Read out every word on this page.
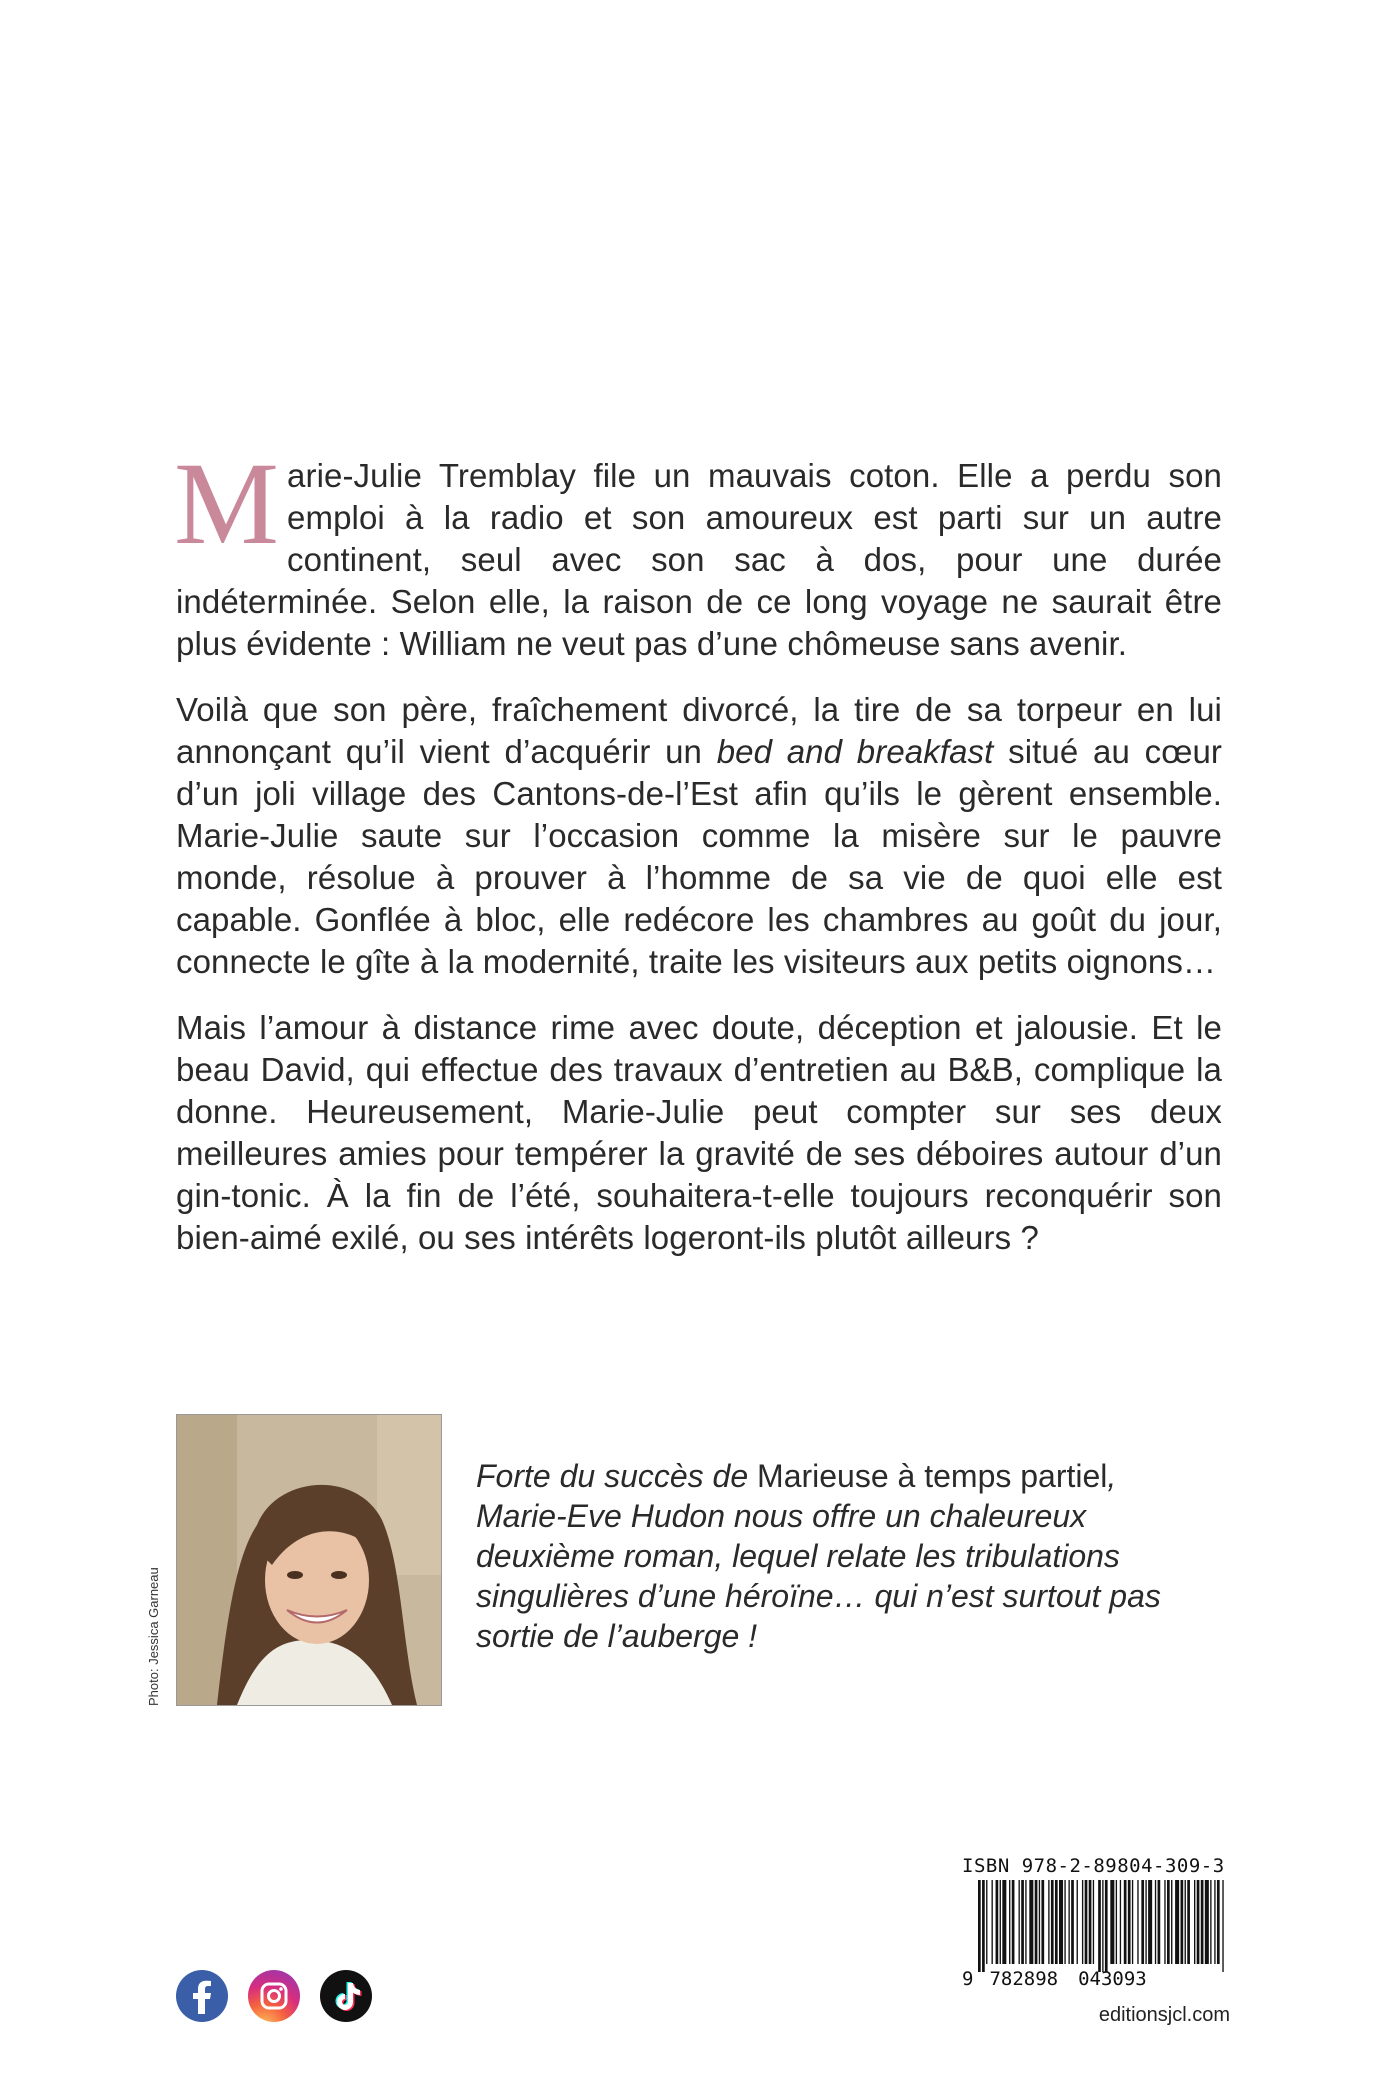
Marie-Julie Tremblay file un mauvais coton. Elle a perdu son emploi à la radio et son amoureux est parti sur un autre continent, seul avec son sac à dos, pour une durée indéterminée. Selon elle, la raison de ce long voyage ne saurait être plus évidente : William ne veut pas d’une chômeuse sans avenir.

Voilà que son père, fraîchement divorcé, la tire de sa torpeur en lui annonçant qu’il vient d’acquérir un bed and breakfast situé au cœur d’un joli village des Cantons-de-l’Est afin qu’ils le gèrent ensemble. Marie-Julie saute sur l’occasion comme la misère sur le pauvre monde, résolue à prouver à l’homme de sa vie de quoi elle est capable. Gonflée à bloc, elle redécore les chambres au goût du jour, connecte le gîte à la modernité, traite les visiteurs aux petits oignons…

Mais l’amour à distance rime avec doute, déception et jalousie. Et le beau David, qui effectue des travaux d’entretien au B&B, complique la donne. Heureusement, Marie-Julie peut compter sur ses deux meilleures amies pour tempérer la gravité de ses déboires autour d’un gin-tonic. À la fin de l’été, souhaitera-t-elle toujours reconquérir son bien-aimé exilé, ou ses intérêts logeront-ils plutôt ailleurs ?

Photo: Jessica Garneau
Forte du succès de Marieuse à temps partiel, Marie-Eve Hudon nous offre un chaleureux deuxième roman, lequel relate les tribulations singulières d’une héroïne… qui n’est surtout pas sortie de l’auberge !
ISBN 978-2-89804-309-3
9 782898 043093
editionsjcl.com
